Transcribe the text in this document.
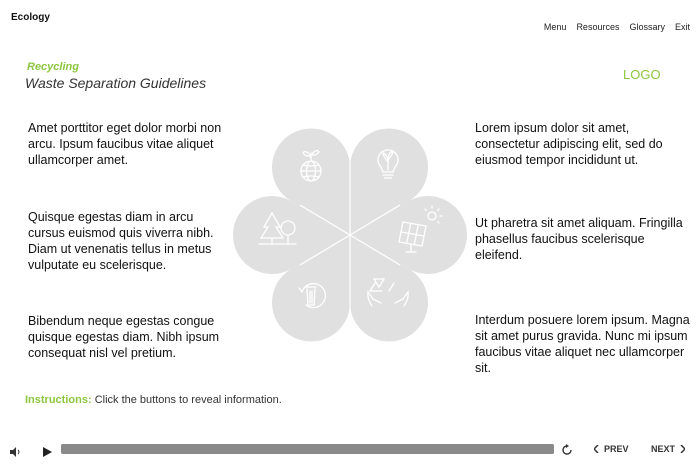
Ecology
Menu Resources Glossary Exit
Recycling
Waste Separation Guidelines
LOGO
Amet porttitor eget dolor morbi non arcu. Ipsum faucibus vitae aliquet ullamcorper amet.
Quisque egestas diam in arcu cursus euismod quis viverra nibh. Diam ut venenatis tellus in metus vulputate eu scelerisque.
Bibendum neque egestas congue quisque egestas diam. Nibh ipsum consequat nisl vel pretium.
Lorem ipsum dolor sit amet, consectetur adipiscing elit, sed do eiusmod tempor incididunt ut.
Ut pharetra sit amet aliquam. Fringilla phasellus faucibus scelerisque eleifend.
Interdum posuere lorem ipsum. Magna sit amet purus gravida. Nunc mi ipsum faucibus vitae aliquet nec ullamcorper sit.
Instructions: Click the buttons to reveal information.
PREV NEXT
